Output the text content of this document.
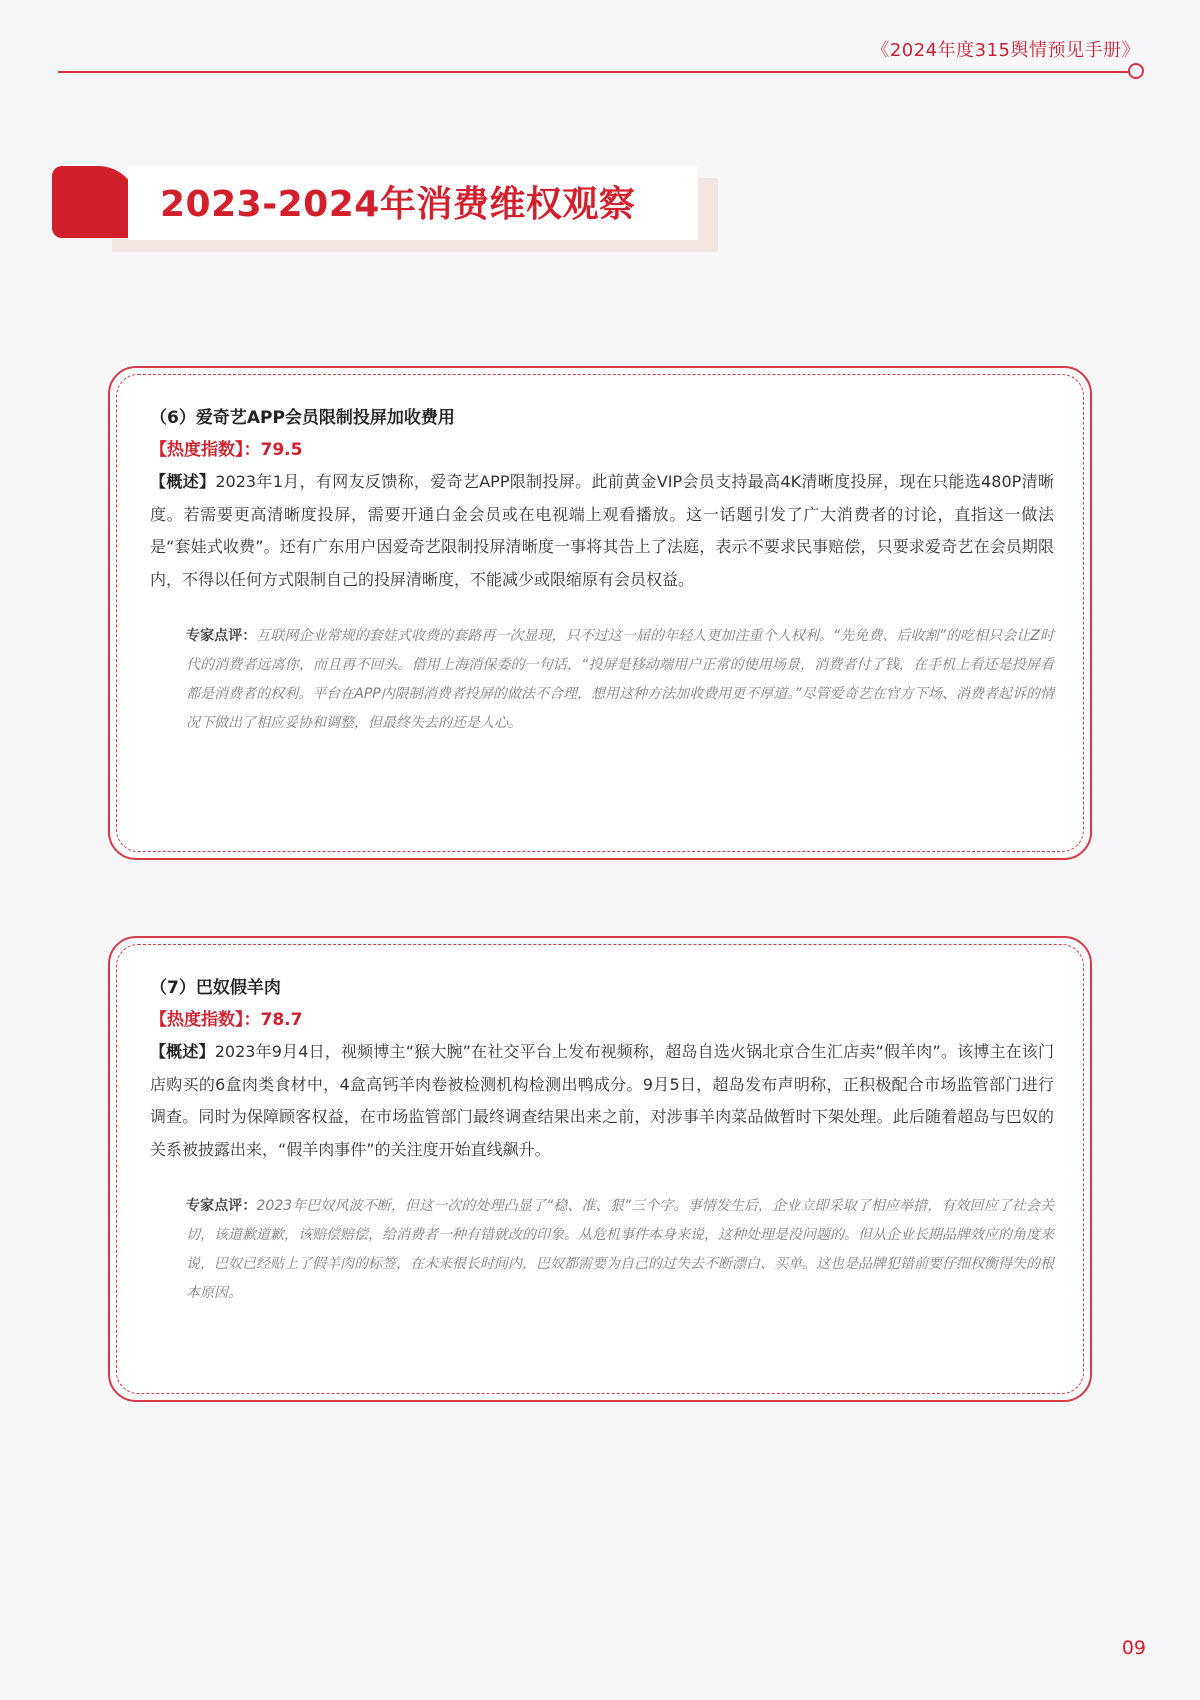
《2024年度315舆情预见手册》
2023-2024年消费维权观察
（6）爱奇艺APP会员限制投屏加收费用
【热度指数】：79.5

【概述】2023年1月，有网友反馈称，爱奇艺APP限制投屏。此前黄金VIP会员支持最高4K清晰度投屏，现在只能选480P清晰度。若需要更高清晰度投屏，需要开通白金会员或在电视端上观看播放。这一话题引发了广大消费者的讨论，直指这一做法是“套娃式收费”。还有广东用户因爱奇艺限制投屏清晰度一事将其告上了法庭，表示不要求民事赔偿，只要求爱奇艺在会员期限内，不得以任何方式限制自己的投屏清晰度，不能减少或限缩原有会员权益。

专家点评：互联网企业常规的套娃式收费的套路再一次显现，只不过这一届的年轻人更加注重个人权利。“先免费、后收割”的吃相只会让Z时代的消费者远离你，而且再不回头。借用上海消保委的一句话，“投屏是移动端用户正常的使用场景，消费者付了钱，在手机上看还是投屏看都是消费者的权利。平台在APP内限制消费者投屏的做法不合理，想用这种方法加收费用更不厚道。”尽管爱奇艺在官方下场、消费者起诉的情况下做出了相应妥协和调整，但最终失去的还是人心。
（7）巴奴假羊肉
【热度指数】：78.7

【概述】2023年9月4日，视频博主“猴大腕”在社交平台上发布视频称，超岛自选火锅北京合生汇店卖“假羊肉”。该博主在该门店购买的6盒肉类食材中，4盒高钙羊肉卷被检测机构检测出鸭成分。9月5日，超岛发布声明称，正积极配合市场监管部门进行调查。同时为保障顾客权益，在市场监管部门最终调查结果出来之前，对涉事羊肉菜品做暂时下架处理。此后随着超岛与巴奴的关系被披露出来，“假羊肉事件”的关注度开始直线飙升。

专家点评：2023年巴奴风波不断，但这一次的处理凸显了“稳、准、狠”三个字。事情发生后，企业立即采取了相应举措，有效回应了社会关切，该道歉道歉，该赔偿赔偿，给消费者一种有错就改的印象。从危机事件本身来说，这种处理是没问题的。但从企业长期品牌效应的角度来说，巴奴已经贴上了假羊肉的标签，在未来很长时间内，巴奴都需要为自己的过失去不断漂白、买单。这也是品牌犯错前要仔细权衡得失的根本原因。
09
